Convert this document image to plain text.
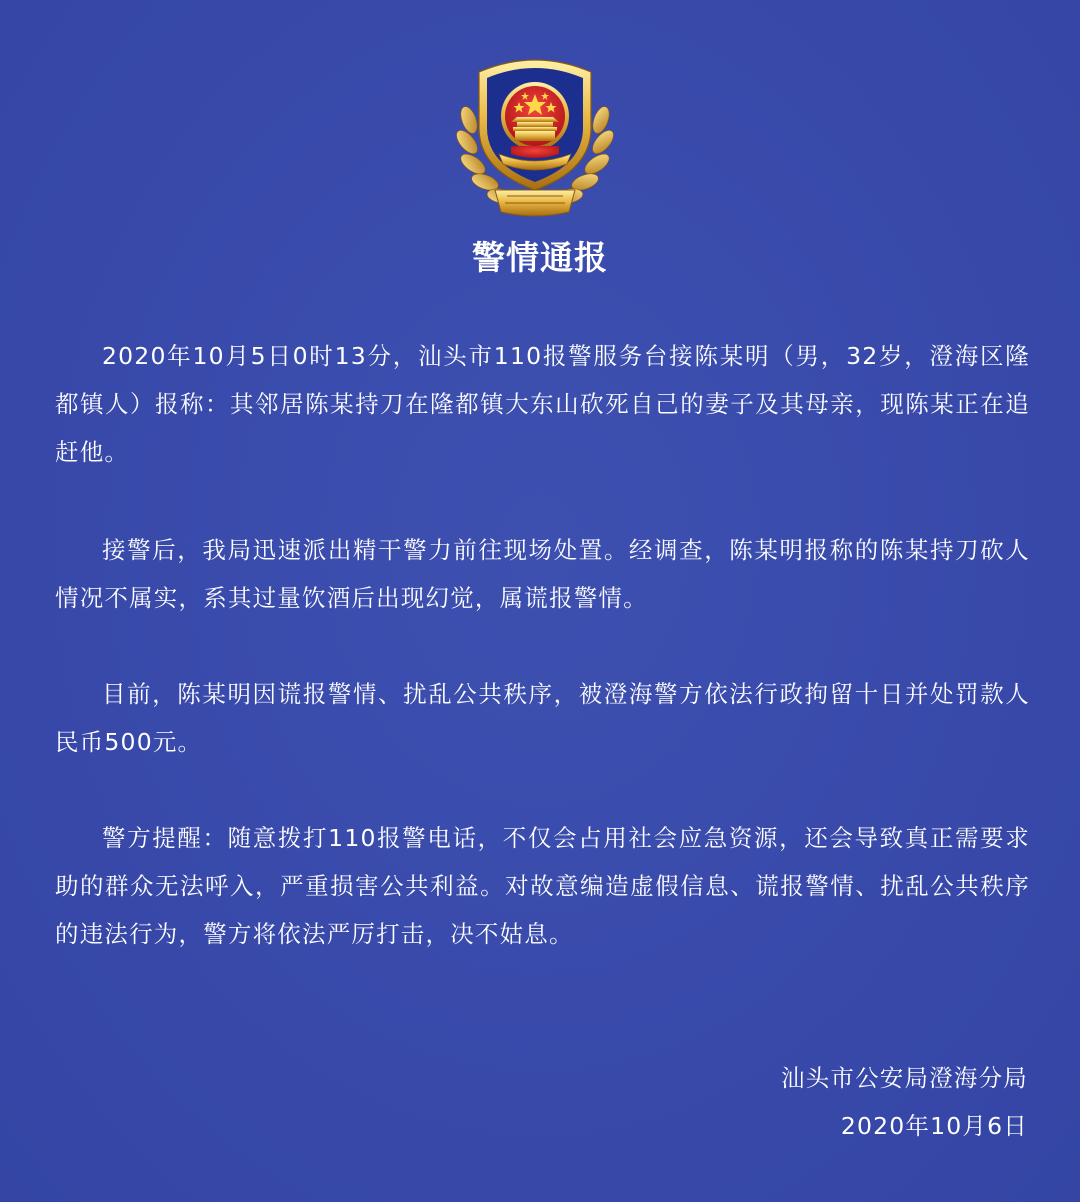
警情通报

2020年10月5日0时13分，汕头市110报警服务台接陈某明（男，32岁，澄海区隆都镇人）报称：其邻居陈某持刀在隆都镇大东山砍死自己的妻子及其母亲，现陈某正在追赶他。

接警后，我局迅速派出精干警力前往现场处置。经调查，陈某明报称的陈某持刀砍人情况不属实，系其过量饮酒后出现幻觉，属谎报警情。

目前，陈某明因谎报警情、扰乱公共秩序，被澄海警方依法行政拘留十日并处罚款人民币500元。

警方提醒：随意拨打110报警电话，不仅会占用社会应急资源，还会导致真正需要求助的群众无法呼入，严重损害公共利益。对故意编造虚假信息、谎报警情、扰乱公共秩序的违法行为，警方将依法严厉打击，决不姑息。

汕头市公安局澄海分局
2020年10月6日
